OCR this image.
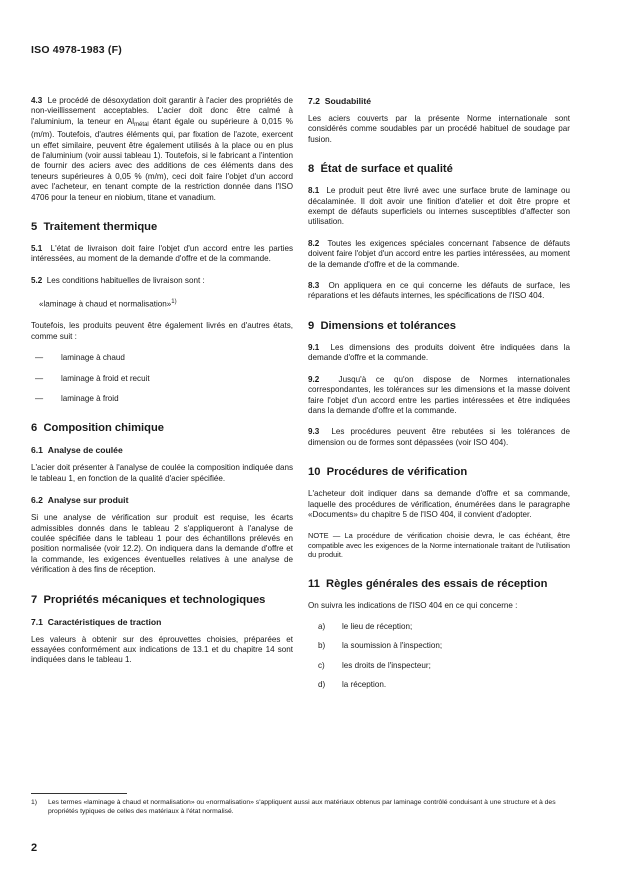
ISO 4978-1983 (F)

4.3 Le procédé de désoxydation doit garantir à l'acier des propriétés de non-vieillissement acceptables. L'acier doit donc être calmé à l'aluminium, la teneur en $Al_{métal}$ étant égale ou supérieure à 0,015 % (m/m). Toutefois, d'autres éléments qui, par fixation de l'azote, exercent un effet similaire, peuvent être également utilisés à la place ou en plus de l'aluminium (voir aussi tableau 1). Toutefois, si le fabricant a l'intention de fournir des aciers avec des additions de ces éléments dans des teneurs supérieures à 0,05 % (m/m), ceci doit faire l'objet d'un accord avec l'acheteur, en tenant compte de la restriction donnée dans l'ISO 4706 pour la teneur en niobium, titane et vanadium.

5 Traitement thermique

5.1 L'état de livraison doit faire l'objet d'un accord entre les parties intéressées, au moment de la demande d'offre et de la commande.

5.2 Les conditions habituelles de livraison sont :

«laminage à chaud et normalisation»$^{1)}$

Toutefois, les produits peuvent être également livrés en d'autres états, comme suit :

— laminage à chaud
— laminage à froid et recuit
— laminage à froid
6 Composition chimique
6.1 Analyse de coulée

L'acier doit présenter à l'analyse de coulée la composition indiquée dans le tableau 1, en fonction de la qualité d'acier spécifiée.

6.2 Analyse sur produit

Si une analyse de vérification sur produit est requise, les écarts admissibles donnés dans le tableau 2 s'appliqueront à l'analyse de coulée spécifiée dans le tableau 1 pour des échantillons prélevés en position normalisée (voir 12.2). On indiquera dans la demande d'offre et la commande, les exigences éventuelles relatives à une analyse de vérification à des fins de réception.

7 Propriétés mécaniques et technologiques
7.1 Caractéristiques de traction

Les valeurs à obtenir sur des éprouvettes choisies, préparées et essayées conformément aux indications de 13.1 et du chapitre 14 sont indiquées dans le tableau 1.

7.2 Soudabilité

Les aciers couverts par la présente Norme internationale sont considérés comme soudables par un procédé habituel de soudage par fusion.

8 État de surface et qualité

8.1 Le produit peut être livré avec une surface brute de laminage ou décalaminée. Il doit avoir une finition d'atelier et doit être propre et exempt de défauts superficiels ou internes susceptibles d'affecter son utilisation.

8.2 Toutes les exigences spéciales concernant l'absence de défauts doivent faire l'objet d'un accord entre les parties intéressées, au moment de la demande d'offre et de la commande.

8.3 On appliquera en ce qui concerne les défauts de surface, les réparations et les défauts internes, les spécifications de l'ISO 404.

9 Dimensions et tolérances

9.1 Les dimensions des produits doivent être indiquées dans la demande d'offre et la commande.

9.2 Jusqu'à ce qu'on dispose de Normes internationales correspondantes, les tolérances sur les dimensions et la masse doivent faire l'objet d'un accord entre les parties intéressées et être indiquées dans la demande d'offre et la commande.

9.3 Les procédures peuvent être rebutées si les tolérances de dimension ou de formes sont dépassées (voir ISO 404).

10 Procédures de vérification

L'acheteur doit indiquer dans sa demande d'offre et sa commande, laquelle des procédures de vérification, énumérées dans le paragraphe «Documents» du chapitre 5 de l'ISO 404, il convient d'adopter.

NOTE — La procédure de vérification choisie devra, le cas échéant, être compatible avec les exigences de la Norme internationale traitant de l'utilisation du produit.

11 Règles générales des essais de réception

On suivra les indications de l'ISO 404 en ce qui concerne :

a) le lieu de réception;
b) la soumission à l'inspection;
c) les droits de l'inspecteur;
d) la réception.
1)	Les termes «laminage à chaud et normalisation» ou «normalisation» s'appliquent aussi aux matériaux obtenus par laminage contrôlé conduisant à une structure et à des propriétés typiques de celles des matériaux à l'état normalisé.
2
